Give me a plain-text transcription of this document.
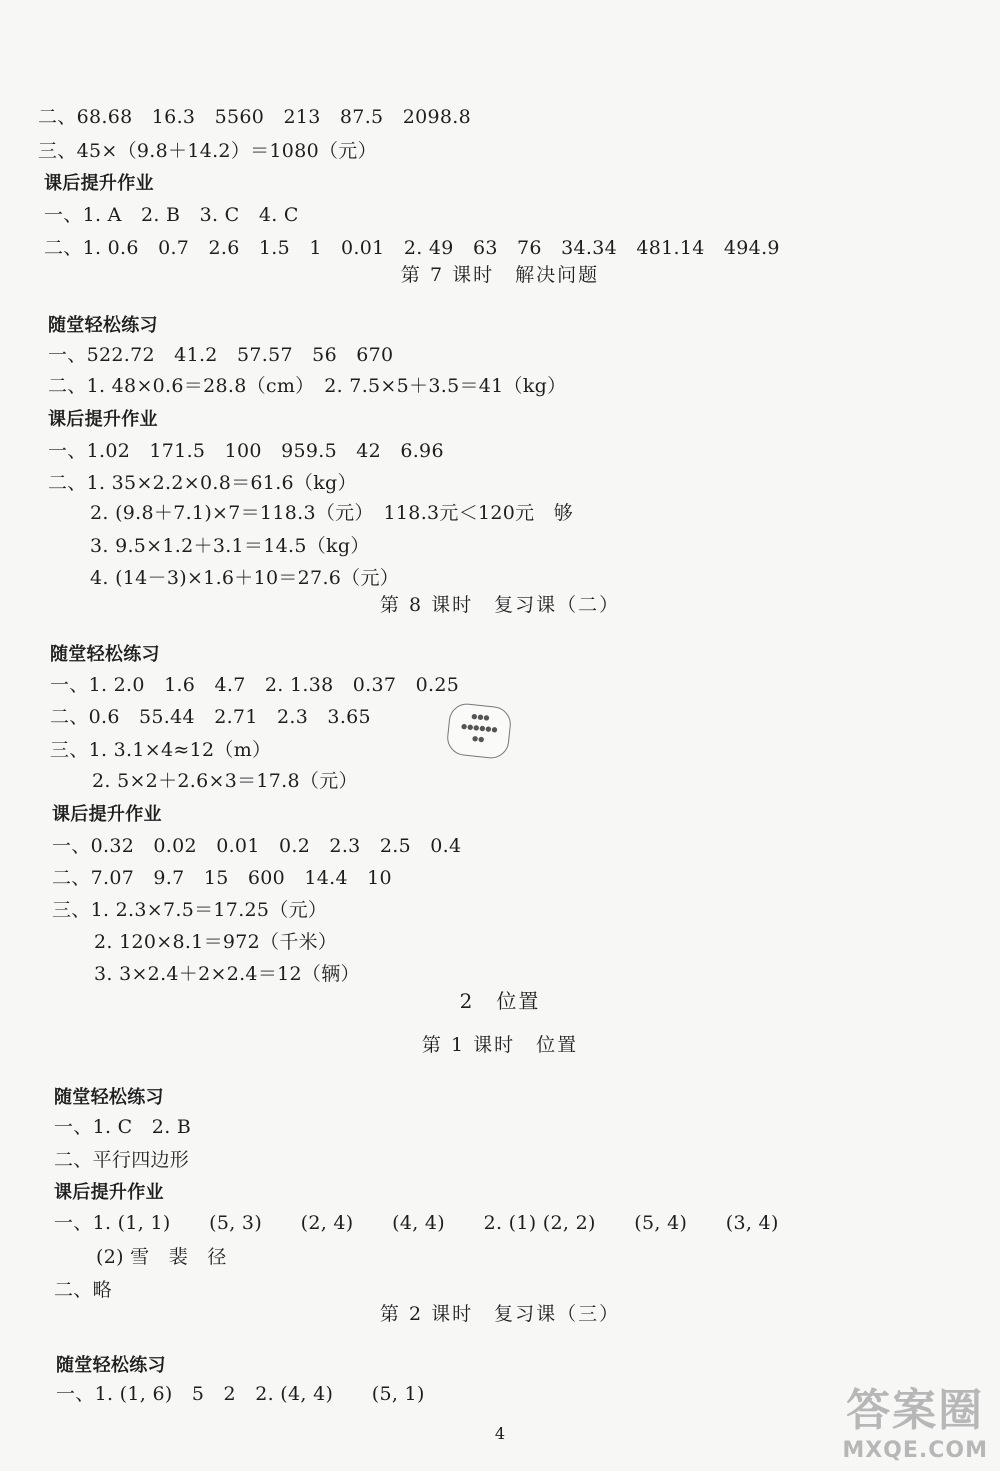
二、68.68　16.3　5560　213　87.5　2098.8
三、45×（9.8＋14.2）＝1080（元）
课后提升作业
一、1. A　2. B　3. C　4. C
二、1. 0.6　0.7　2.6　1.5　1　0.01　2. 49　63　76　34.34　481.14　494.9
第 7 课时　解决问题
随堂轻松练习
一、522.72　41.2　57.57　56　670
二、1. 48×0.6＝28.8（cm）　2. 7.5×5＋3.5＝41（kg）
课后提升作业
一、1.02　171.5　100　959.5　42　6.96
二、1. 35×2.2×0.8＝61.6（kg）
2. (9.8＋7.1)×7＝118.3（元）　118.3元＜120元　够
3. 9.5×1.2＋3.1＝14.5（kg）
4. (14－3)×1.6＋10＝27.6（元）
第 8 课时　复习课（二）
随堂轻松练习
一、1. 2.0　1.6　4.7　2. 1.38　0.37　0.25
二、0.6　55.44　2.71　2.3　3.65
三、1. 3.1×4≈12（m）
2. 5×2＋2.6×3＝17.8（元）
课后提升作业
一、0.32　0.02　0.01　0.2　2.3　2.5　0.4
二、7.07　9.7　15　600　14.4　10
三、1. 2.3×7.5＝17.25（元）
2. 120×8.1＝972（千米）
3. 3×2.4＋2×2.4＝12（辆）
2　位置
第 1 课时　位置
随堂轻松练习
一、1. C　2. B
二、平行四边形
课后提升作业
一、1. (1, 1)　　(5, 3)　　(2, 4)　　(4, 4)　　2. (1) (2, 2)　　(5, 4)　　(3, 4)
(2) 雪　裴　径
二、略
第 2 课时　复习课（三）
随堂轻松练习
一、1. (1, 6)　5　2　2. (4, 4)　　(5, 1)
●●●
●●●●●●
●●
4	答案圈
MXQE.COM
